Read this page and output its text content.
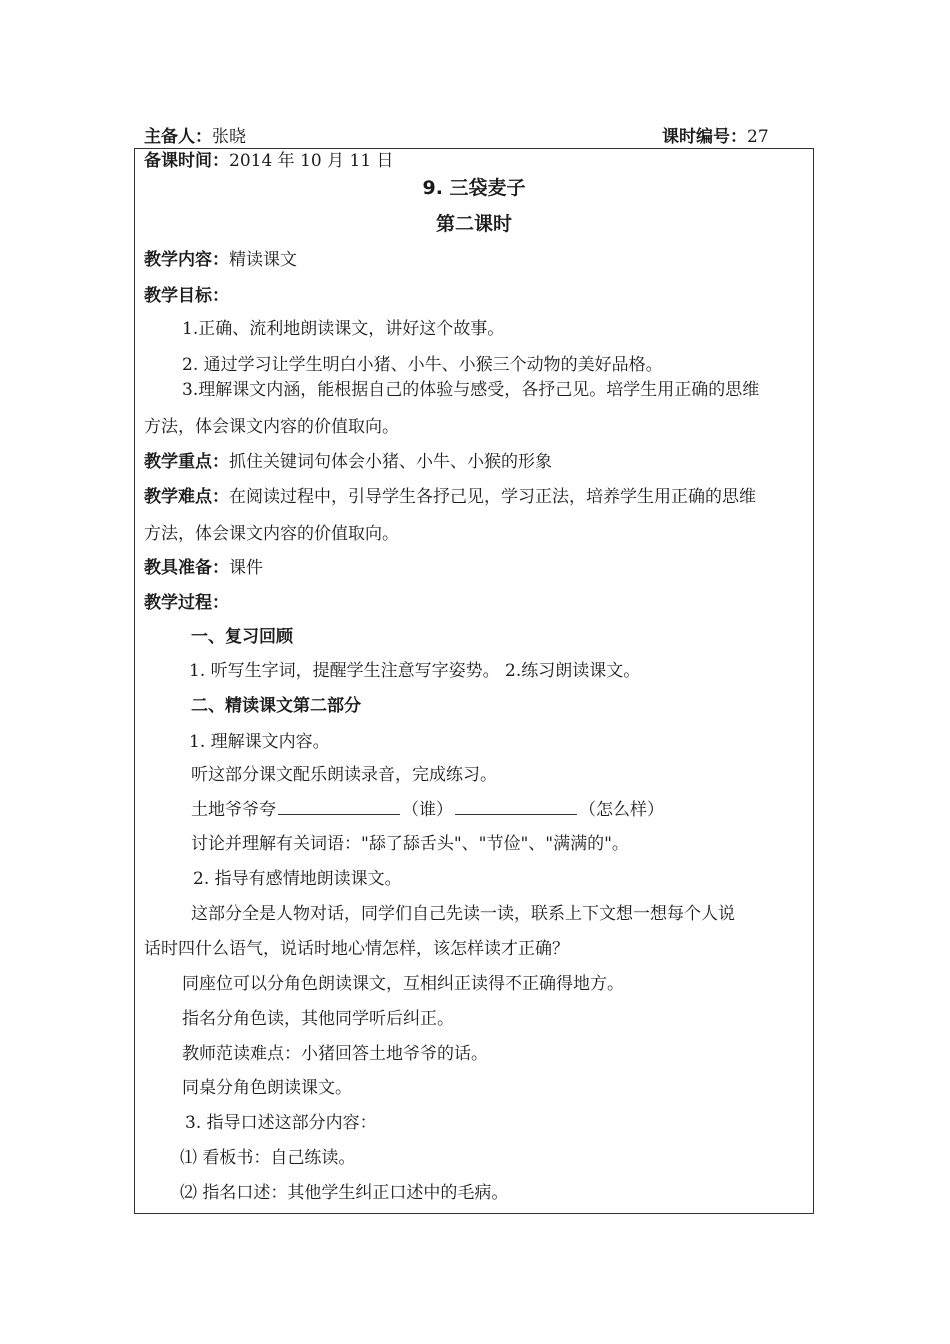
主备人：张晓	课时编号：27
备课时间：2014 年 10 月 11 日
9. 三袋麦子
第二课时
教学内容：精读课文
教学目标：
1.正确、流利地朗读课文，讲好这个故事。
2. 通过学习让学生明白小猪、小牛、小猴三个动物的美好品格。
3.理解课文内涵，能根据自己的体验与感受，各抒己见。培学生用正确的思维
方法，体会课文内容的价值取向。
教学重点：抓住关键词句体会小猪、小牛、小猴的形象
教学难点：在阅读过程中，引导学生各抒己见，学习正法，培养学生用正确的思维
方法，体会课文内容的价值取向。
教具准备：课件
教学过程：
一、复习回顾
1. 听写生字词，提醒学生注意写字姿势。 2.练习朗读课文。
二、精读课文第二部分
1. 理解课文内容。
听这部分课文配乐朗读录音，完成练习。
土地爷爷夸	（谁）	（怎么样）
讨论并理解有关词语："舔了舔舌头"、"节俭"、"满满的"。
2. 指导有感情地朗读课文。
这部分全是人物对话，同学们自己先读一读，联系上下文想一想每个人说
话时四什么语气，说话时地心情怎样，该怎样读才正确？
同座位可以分角色朗读课文，互相纠正读得不正确得地方。
指名分角色读，其他同学听后纠正。
教师范读难点：小猪回答土地爷爷的话。
同桌分角色朗读课文。
3. 指导口述这部分内容：
⑴ 看板书：自己练读。
⑵ 指名口述：其他学生纠正口述中的毛病。
